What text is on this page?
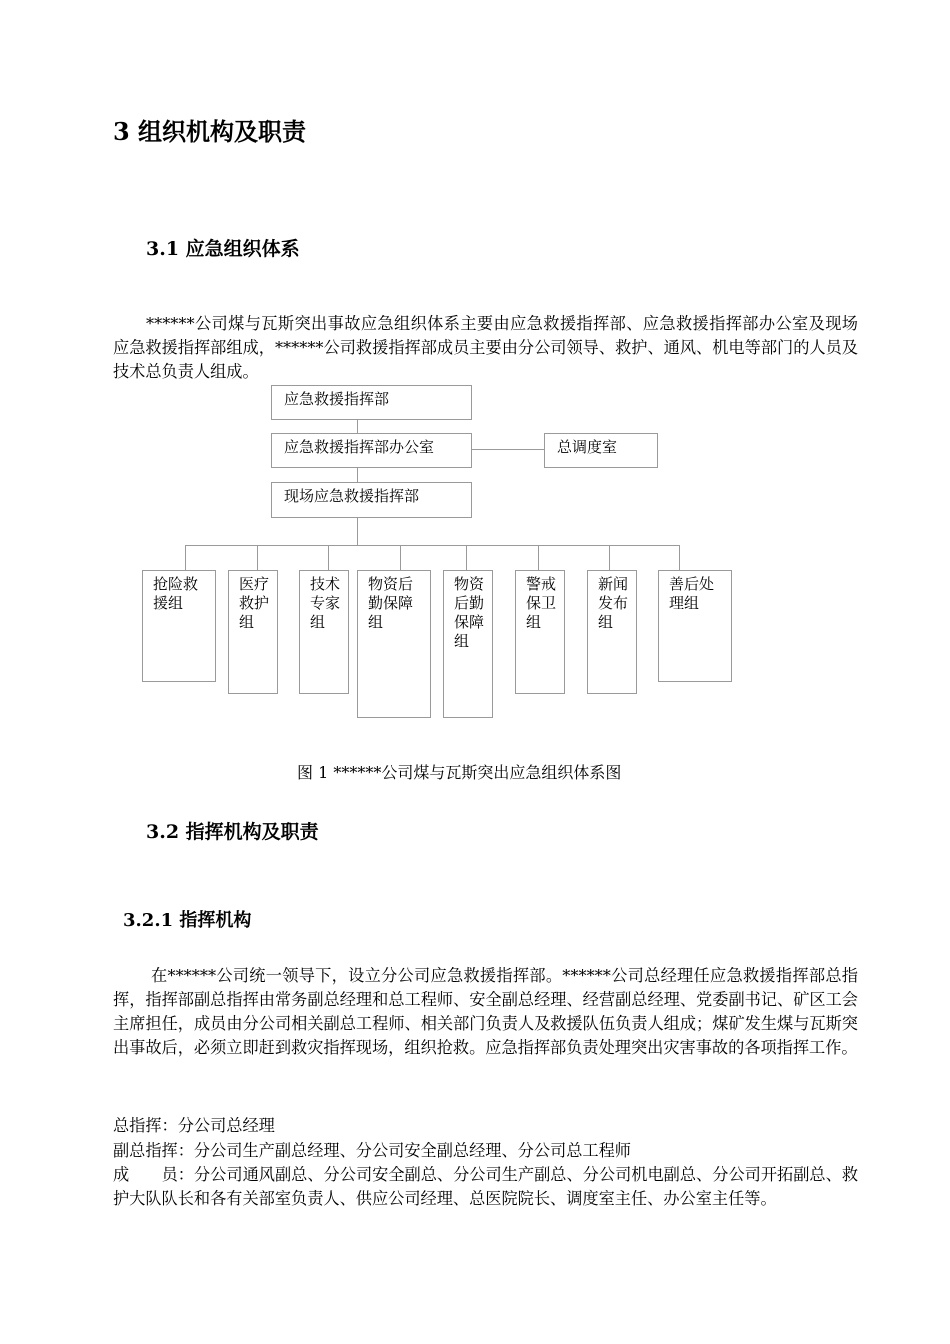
3 组织机构及职责
3.1 应急组织体系
******公司煤与瓦斯突出事故应急组织体系主要由应急救援指挥部、应急救援指挥部办公室及现场应急救援指挥部组成，******公司救援指挥部成员主要由分公司领导、救护、通风、机电等部门的人员及技术总负责人组成。
应急救援指挥部
应急救援指挥部办公室	总调度室
现场应急救援指挥部
抢险救援组
医疗救护组
技术专家组
物资后勤保障组
物资后勤保障组
警戒保卫组
新闻发布组
善后处理组
图 1 ******公司煤与瓦斯突出应急组织体系图
3.2 指挥机构及职责
3.2.1 指挥机构
在******公司统一领导下，设立分公司应急救援指挥部。******公司总经理任应急救援指挥部总指挥，指挥部副总指挥由常务副总经理和总工程师、安全副总经理、经营副总经理、党委副书记、矿区工会主席担任，成员由分公司相关副总工程师、相关部门负责人及救援队伍负责人组成；煤矿发生煤与瓦斯突出事故后，必须立即赶到救灾指挥现场，组织抢救。应急指挥部负责处理突出灾害事故的各项指挥工作。
总指挥：分公司总经理
副总指挥：分公司生产副总经理、分公司安全副总经理、分公司总工程师
成　　员：分公司通风副总、分公司安全副总、分公司生产副总、分公司机电副总、分公司开拓副总、救护大队队长和各有关部室负责人、供应公司经理、总医院院长、调度室主任、办公室主任等。
